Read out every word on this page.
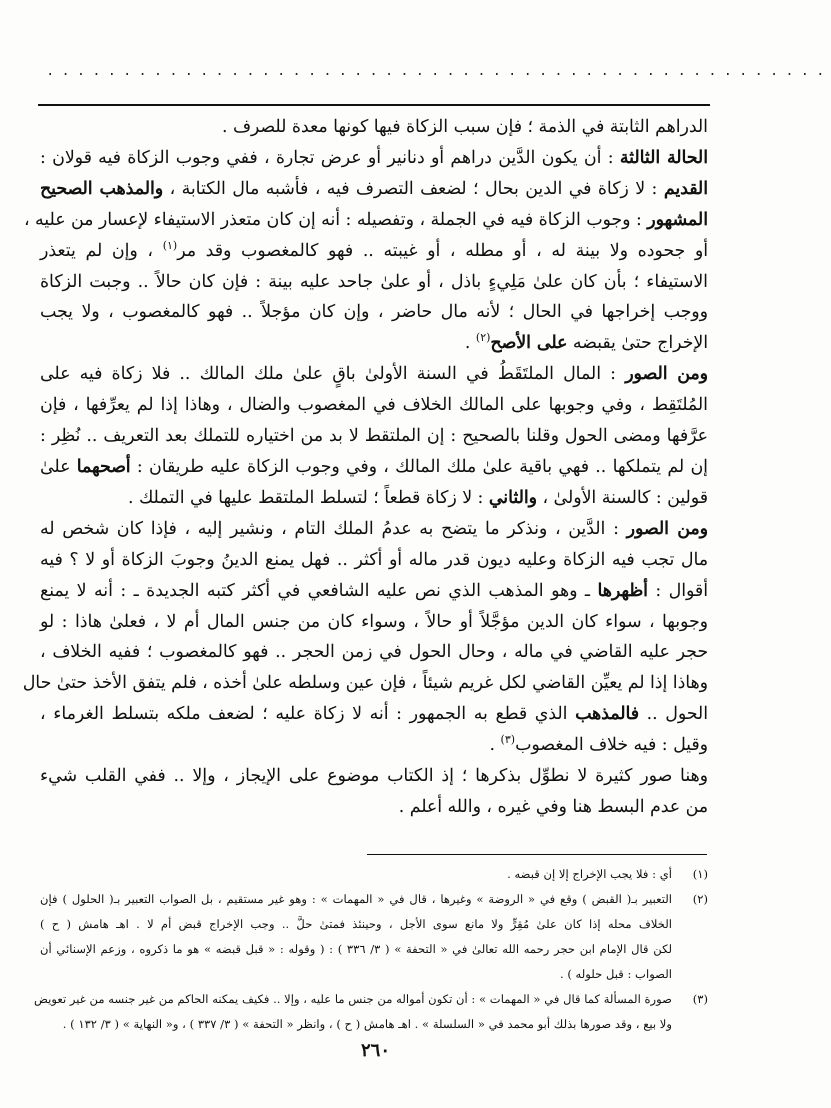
...................................................
الدراهم الثابتة في الذمة ؛ فإن سبب الزكاة فيها كونها معدة للصرف .
الحالة الثالثة : أن يكون الدَّين دراهم أو دنانير أو عرض تجارة ، ففي وجوب الزكاة فيه قولان :
القديم : لا زكاة في الدين بحال ؛ لضعف التصرف فيه ، فأشبه مال الكتابة ، والمذهب الصحيح
المشهور : وجوب الزكاة فيه في الجملة ، وتفصيله : أنه إن كان متعذر الاستيفاء لإعسار من عليه ،
أو جحوده ولا بينة له ، أو مطله ، أو غيبته .. فهو كالمغصوب وقد مر$^{(١)}$ ، وإن لم يتعذر
الاستيفاء ؛ بأن كان علىٰ مَلِيءٍ باذل ، أو علىٰ جاحد عليه بينة : فإن كان حالاً .. وجبت الزكاة
ووجب إخراجها في الحال ؛ لأنه مال حاضر ، وإن كان مؤجلاً .. فهو كالمغصوب ، ولا يجب
الإخراج حتىٰ يقبضه على الأصح$^{(٢)}$ .
ومن الصور : المال الملتَقَطُ في السنة الأولىٰ باقٍ علىٰ ملك المالك .. فلا زكاة فيه على
المُلتَقِط ، وفي وجوبها على المالك الخلاف في المغصوب والضال ، وهاذا إذا لم يعرِّفها ، فإن
عرَّفها ومضى الحول وقلنا بالصحيح : إن الملتقط لا بد من اختياره للتملك بعد التعريف .. نُظِر :
إن لم يتملكها .. فهي باقية علىٰ ملك المالك ، وفي وجوب الزكاة عليه طريقان : أصحهما علىٰ
قولين : كالسنة الأولىٰ ، والثاني : لا زكاة قطعاً ؛ لتسلط الملتقط عليها في التملك .
ومن الصور : الدَّين ، ونذكر ما يتضح به عدمُ الملك التام ، ونشير إليه ، فإذا كان شخص له
مال تجب فيه الزكاة وعليه ديون قدر ماله أو أكثر .. فهل يمنع الدينُ وجوبَ الزكاة أو لا ؟ فيه
أقوال : أظهرها ـ وهو المذهب الذي نص عليه الشافعي في أكثر كتبه الجديدة ـ : أنه لا يمنع
وجوبها ، سواء كان الدين مؤجَّلاً أو حالاً ، وسواء كان من جنس المال أم لا ، فعلىٰ هاذا : لو
حجر عليه القاضي في ماله ، وحال الحول في زمن الحجر .. فهو كالمغصوب ؛ ففيه الخلاف ،
وهاذا إذا لم يعيِّن القاضي لكل غريم شيئاً ، فإن عين وسلطه علىٰ أخذه ، فلم يتفق الأخذ حتىٰ حال
الحول .. فالمذهب الذي قطع به الجمهور : أنه لا زكاة عليه ؛ لضعف ملكه بتسلط الغرماء ،
وقيل : فيه خلاف المغصوب$^{(٣)}$ .
وهنا صور كثيرة لا نطوِّل بذكرها ؛ إذ الكتاب موضوع على الإيجاز ، وإلا .. ففي القلب شيء
من عدم البسط هنا وفي غيره ، والله أعلم .
(١)
أي : فلا يجب الإخراج إلا إن قبضه .
(٢)
التعبير بـ( القبض ) وقع في « الروضة » وغيرها ، قال في « المهمات » : وهو غير مستقيم ، بل الصواب التعبير بـ( الحلول ) فإن
الخلاف محله إذا كان علىٰ مُقِرٍّ ولا مانع سوى الأجل ، وحينئذ فمتىٰ حلَّ .. وجب الإخراج قبض أم لا . اهـ هامش ( ح )
لكن قال الإمام ابن حجر رحمه الله تعالىٰ في « التحفة » ( ٣/ ٣٣٦ ) : ( وقوله : « قبل قبضه » هو ما ذكروه ، وزعم الإسنائي أن
الصواب : قبل حلوله ) .
(٣)
صورة المسألة كما قال في « المهمات » : أن تكون أمواله من جنس ما عليه ، وإلا .. فكيف يمكنه الحاكم من غير جنسه من غير تعويض
ولا بيع ، وقد صورها بذلك أبو محمد في « السلسلة » . اهـ هامش ( ح ) ، وانظر « التحفة » ( ٣/ ٣٣٧ ) ، و« النهاية » ( ٣/ ١٣٢ ) .
٢٦٠
